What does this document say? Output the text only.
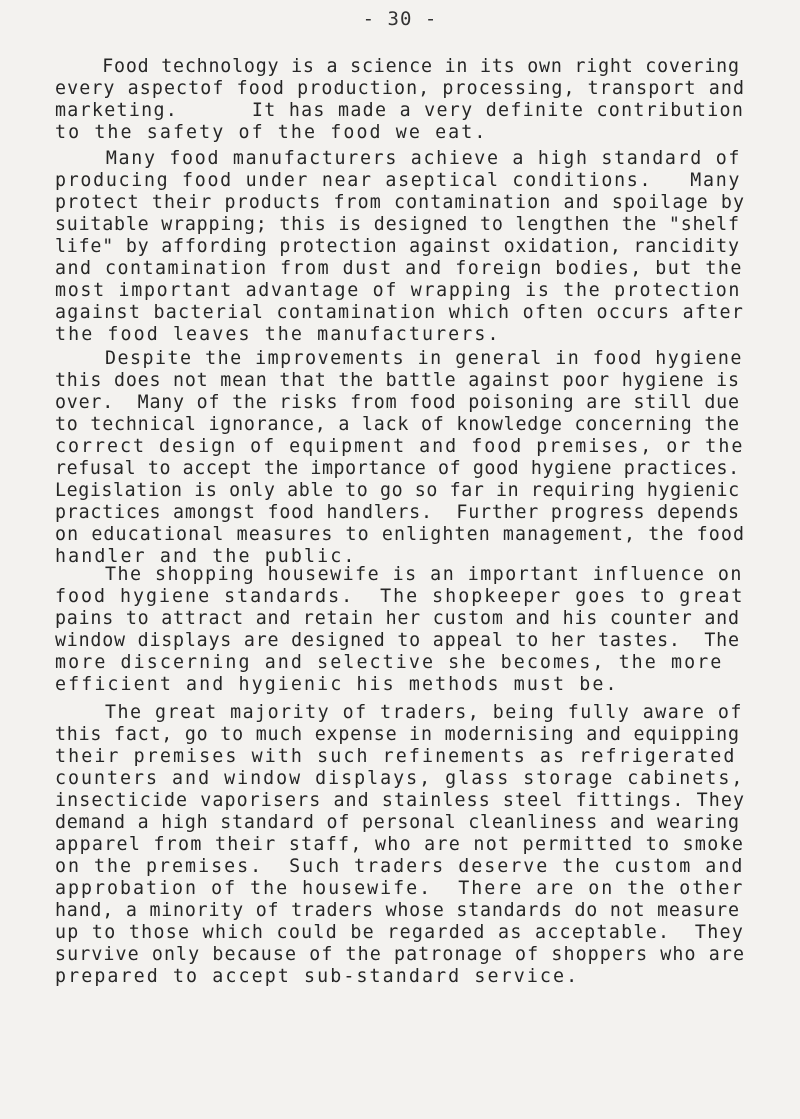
- 30 -
Food technology is a science in its own right covering
every aspectof food production, processing, transport and
marketing.      It has made a very definite contribution
to the safety of the food we eat.
Many food manufacturers achieve a high standard of
producing food under near aseptical conditions.   Many
protect their products from contamination and spoilage by
suitable wrapping; this is designed to lengthen the "shelf
life" by affording protection against oxidation, rancidity
and contamination from dust and foreign bodies, but the
most important advantage of wrapping is the protection
against bacterial contamination which often occurs after
the food leaves the manufacturers.
Despite the improvements in general in food hygiene
this does not mean that the battle against poor hygiene is
over.  Many of the risks from food poisoning are still due
to technical ignorance, a lack of knowledge concerning the
correct design of equipment and food premises, or the
refusal to accept the importance of good hygiene practices.
Legislation is only able to go so far in requiring hygienic
practices amongst food handlers.  Further progress depends
on educational measures to enlighten management, the food
handler and the public.
The shopping housewife is an important influence on
food hygiene standards.  The shopkeeper goes to great
pains to attract and retain her custom and his counter and
window displays are designed to appeal to her tastes.  The
more discerning and selective she becomes, the more
efficient and hygienic his methods must be.
The great majority of traders, being fully aware of
this fact, go to much expense in modernising and equipping
their premises with such refinements as refrigerated
counters and window displays, glass storage cabinets,
insecticide vaporisers and stainless steel fittings. They
demand a high standard of personal cleanliness and wearing
apparel from their staff, who are not permitted to smoke
on the premises.  Such traders deserve the custom and
approbation of the housewife.  There are on the other
hand, a minority of traders whose standards do not measure
up to those which could be regarded as acceptable.  They
survive only because of the patronage of shoppers who are
prepared to accept sub-standard service.
